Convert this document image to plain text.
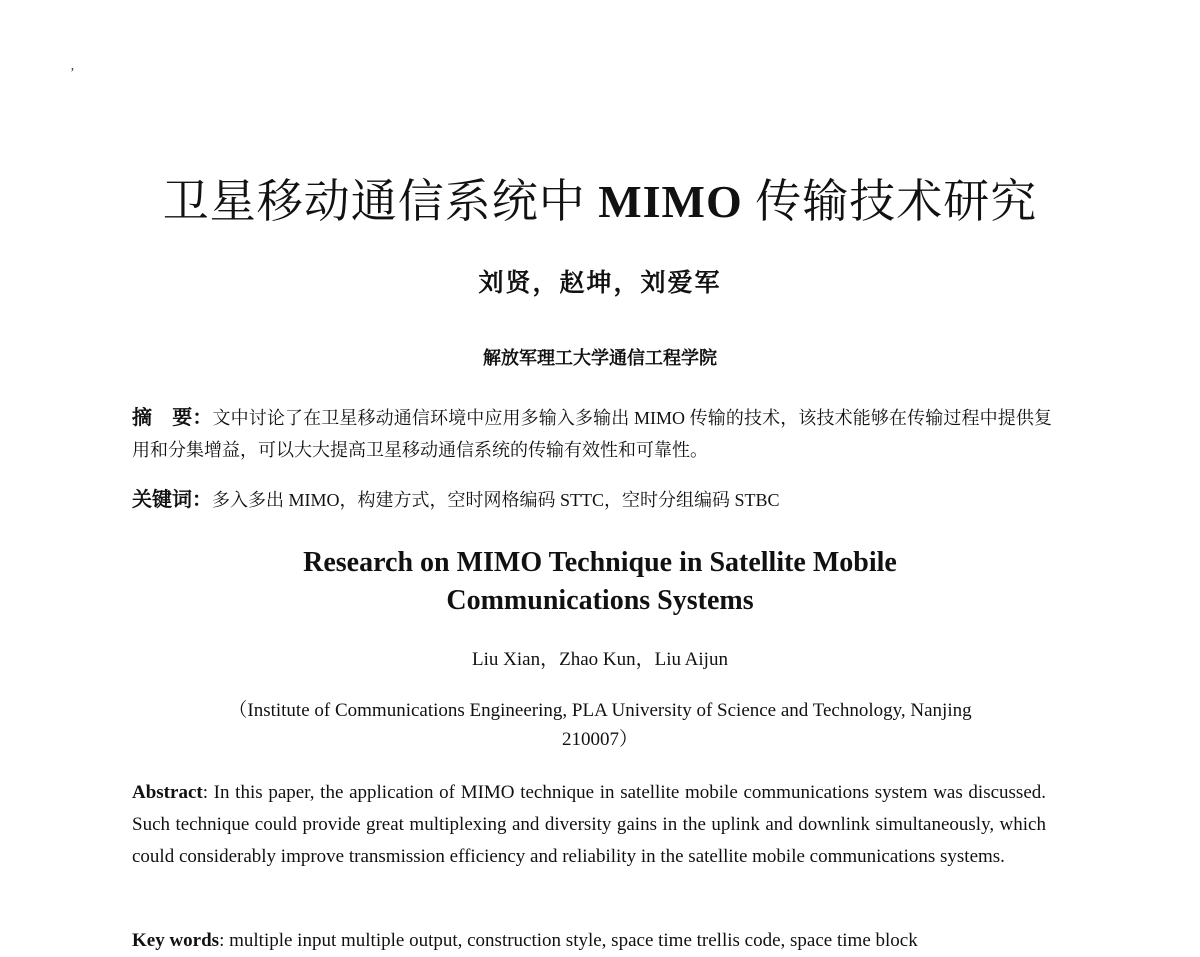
’
卫星移动通信系统中 MIMO 传输技术研究
刘贤，赵坤，刘爱军
解放军理工大学通信工程学院
摘　要：文中讨论了在卫星移动通信环境中应用多输入多输出 MIMO 传输的技术，该技术能够在传输过程中提供复用和分集增益，可以大大提高卫星移动通信系统的传输有效性和可靠性。
关键词：多入多出 MIMO，构建方式，空时网格编码 STTC，空时分组编码 STBC
Research on MIMO Technique in Satellite Mobile
Communications Systems
Liu Xian，Zhao Kun，Liu Aijun
（Institute of Communications Engineering, PLA University of Science and Technology, Nanjing
210007）
Abstract: In this paper, the application of MIMO technique in satellite mobile communications system was discussed. Such technique could provide great multiplexing and diversity gains in the uplink and downlink simultaneously, which could considerably improve transmission efficiency and reliability in the satellite mobile communications systems.
Key words: multiple input multiple output, construction style, space time trellis code, space time block
